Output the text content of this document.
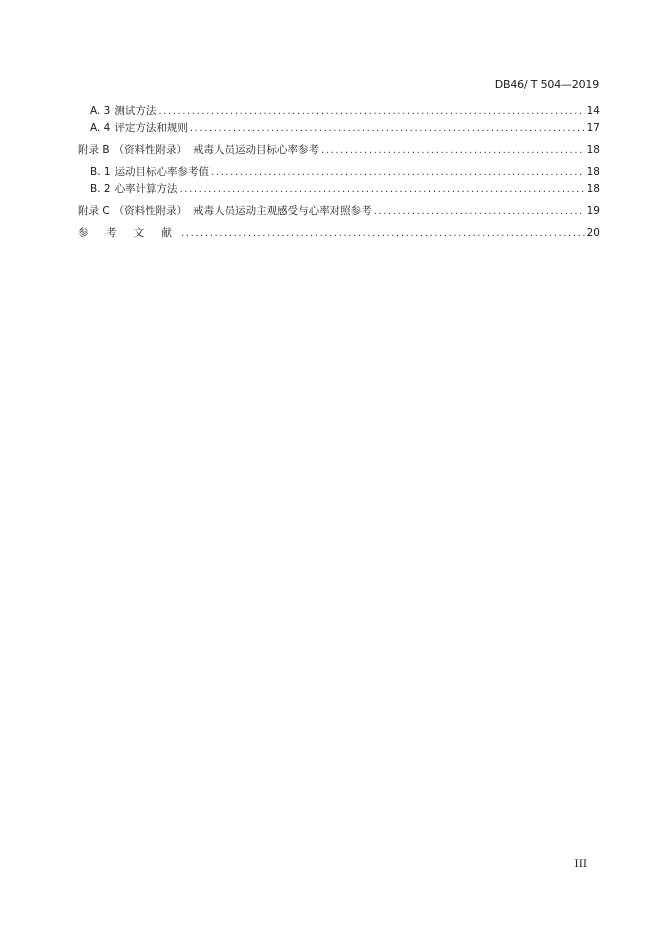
DB46/ T 504—2019
A. 3 测试方法 .....	14
A. 4 评定方法和规则 .....	17
附录 B （资料性附录） 戒毒人员运动目标心率参考 .....	18
B. 1 运动目标心率参考值 .....	18
B. 2 心率计算方法 .....	18
附录 C （资料性附录） 戒毒人员运动主观感受与心率对照参考 .....	19
参 考 文 献 .....	20
III
